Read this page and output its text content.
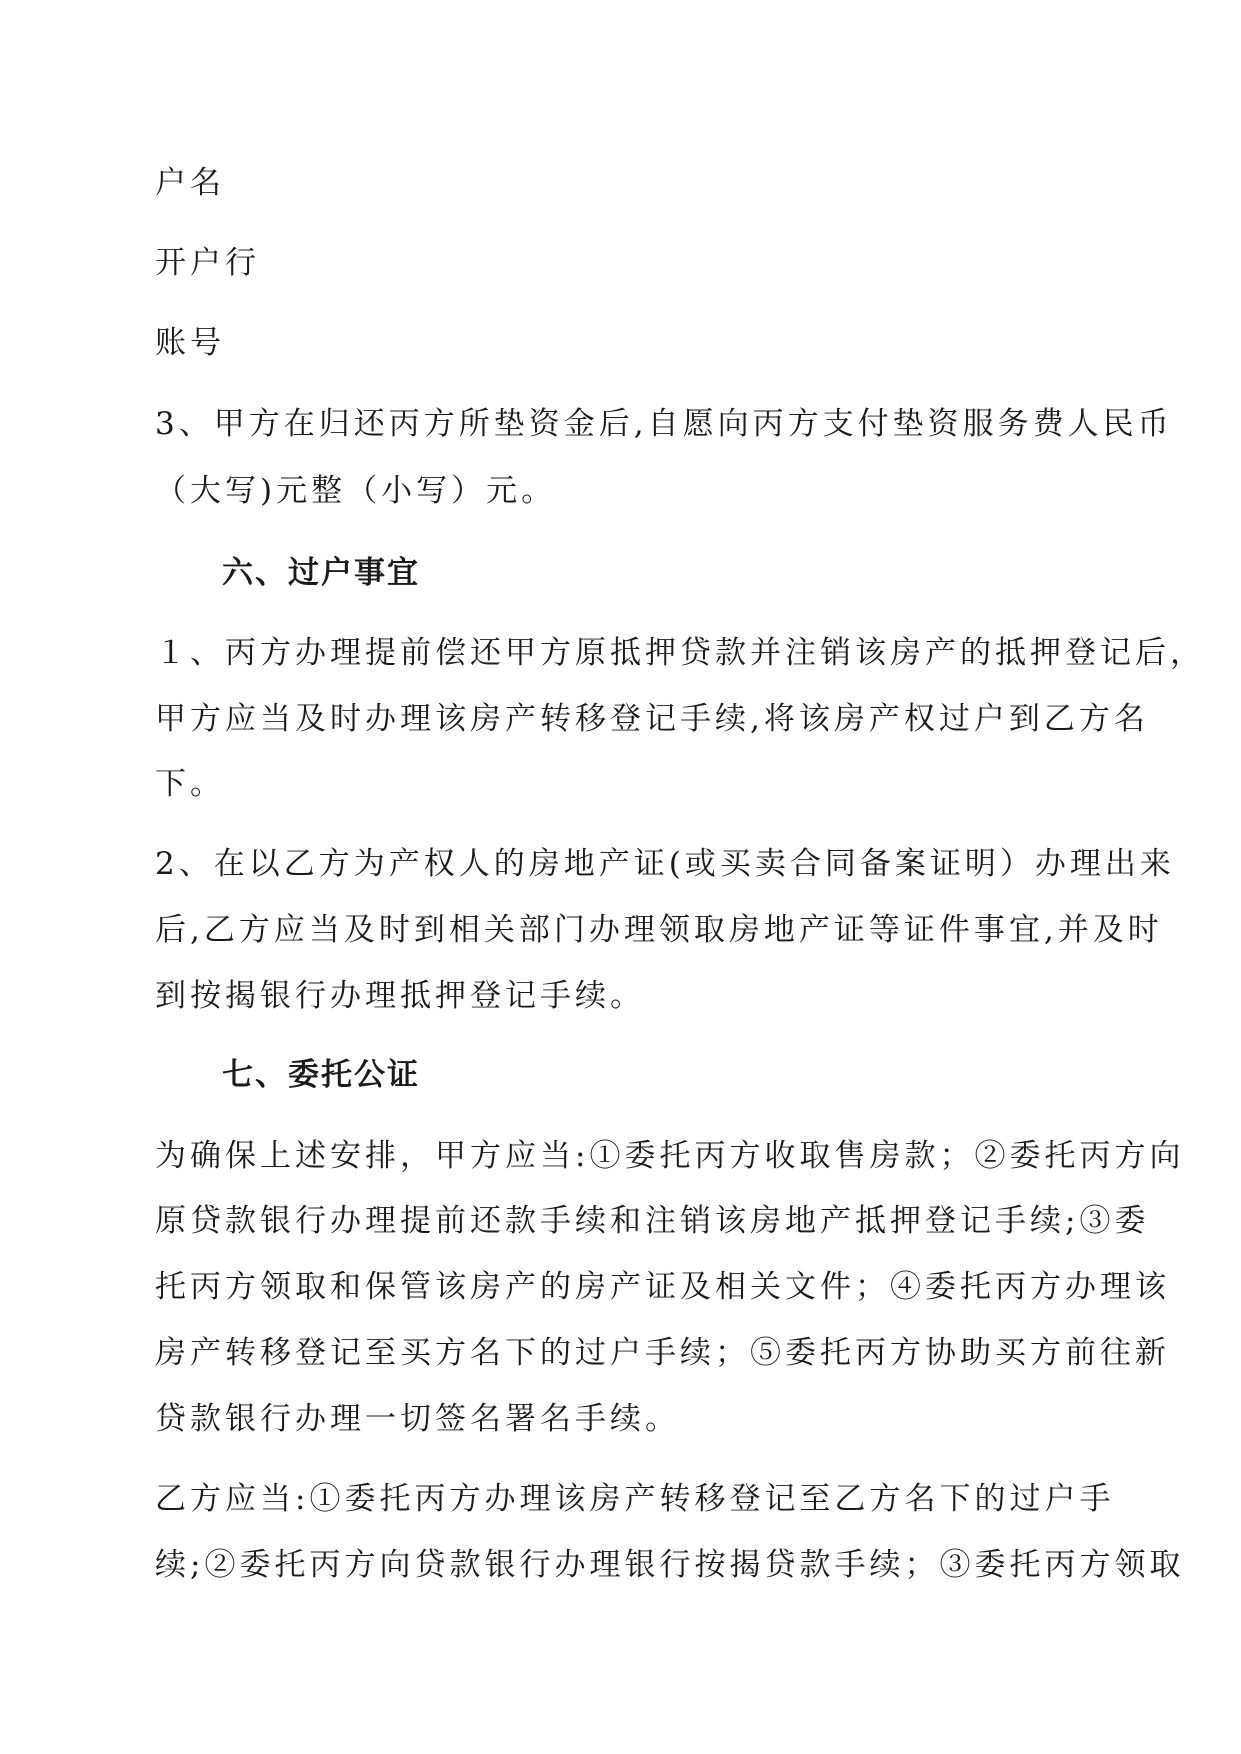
户名
开户行
账号
3、甲方在归还丙方所垫资金后,自愿向丙方支付垫资服务费人民币
（大写)元整（小写）元。
六、过户事宜
１、丙方办理提前偿还甲方原抵押贷款并注销该房产的抵押登记后，
甲方应当及时办理该房产转移登记手续,将该房产权过户到乙方名
下。
2、在以乙方为产权人的房地产证(或买卖合同备案证明）办理出来
后,乙方应当及时到相关部门办理领取房地产证等证件事宜,并及时
到按揭银行办理抵押登记手续。
七、委托公证
为确保上述安排，甲方应当:①委托丙方收取售房款；②委托丙方向
原贷款银行办理提前还款手续和注销该房地产抵押登记手续;③委
托丙方领取和保管该房产的房产证及相关文件；④委托丙方办理该
房产转移登记至买方名下的过户手续；⑤委托丙方协助买方前往新
贷款银行办理一切签名署名手续。
乙方应当:①委托丙方办理该房产转移登记至乙方名下的过户手
续;②委托丙方向贷款银行办理银行按揭贷款手续；③委托丙方领取
